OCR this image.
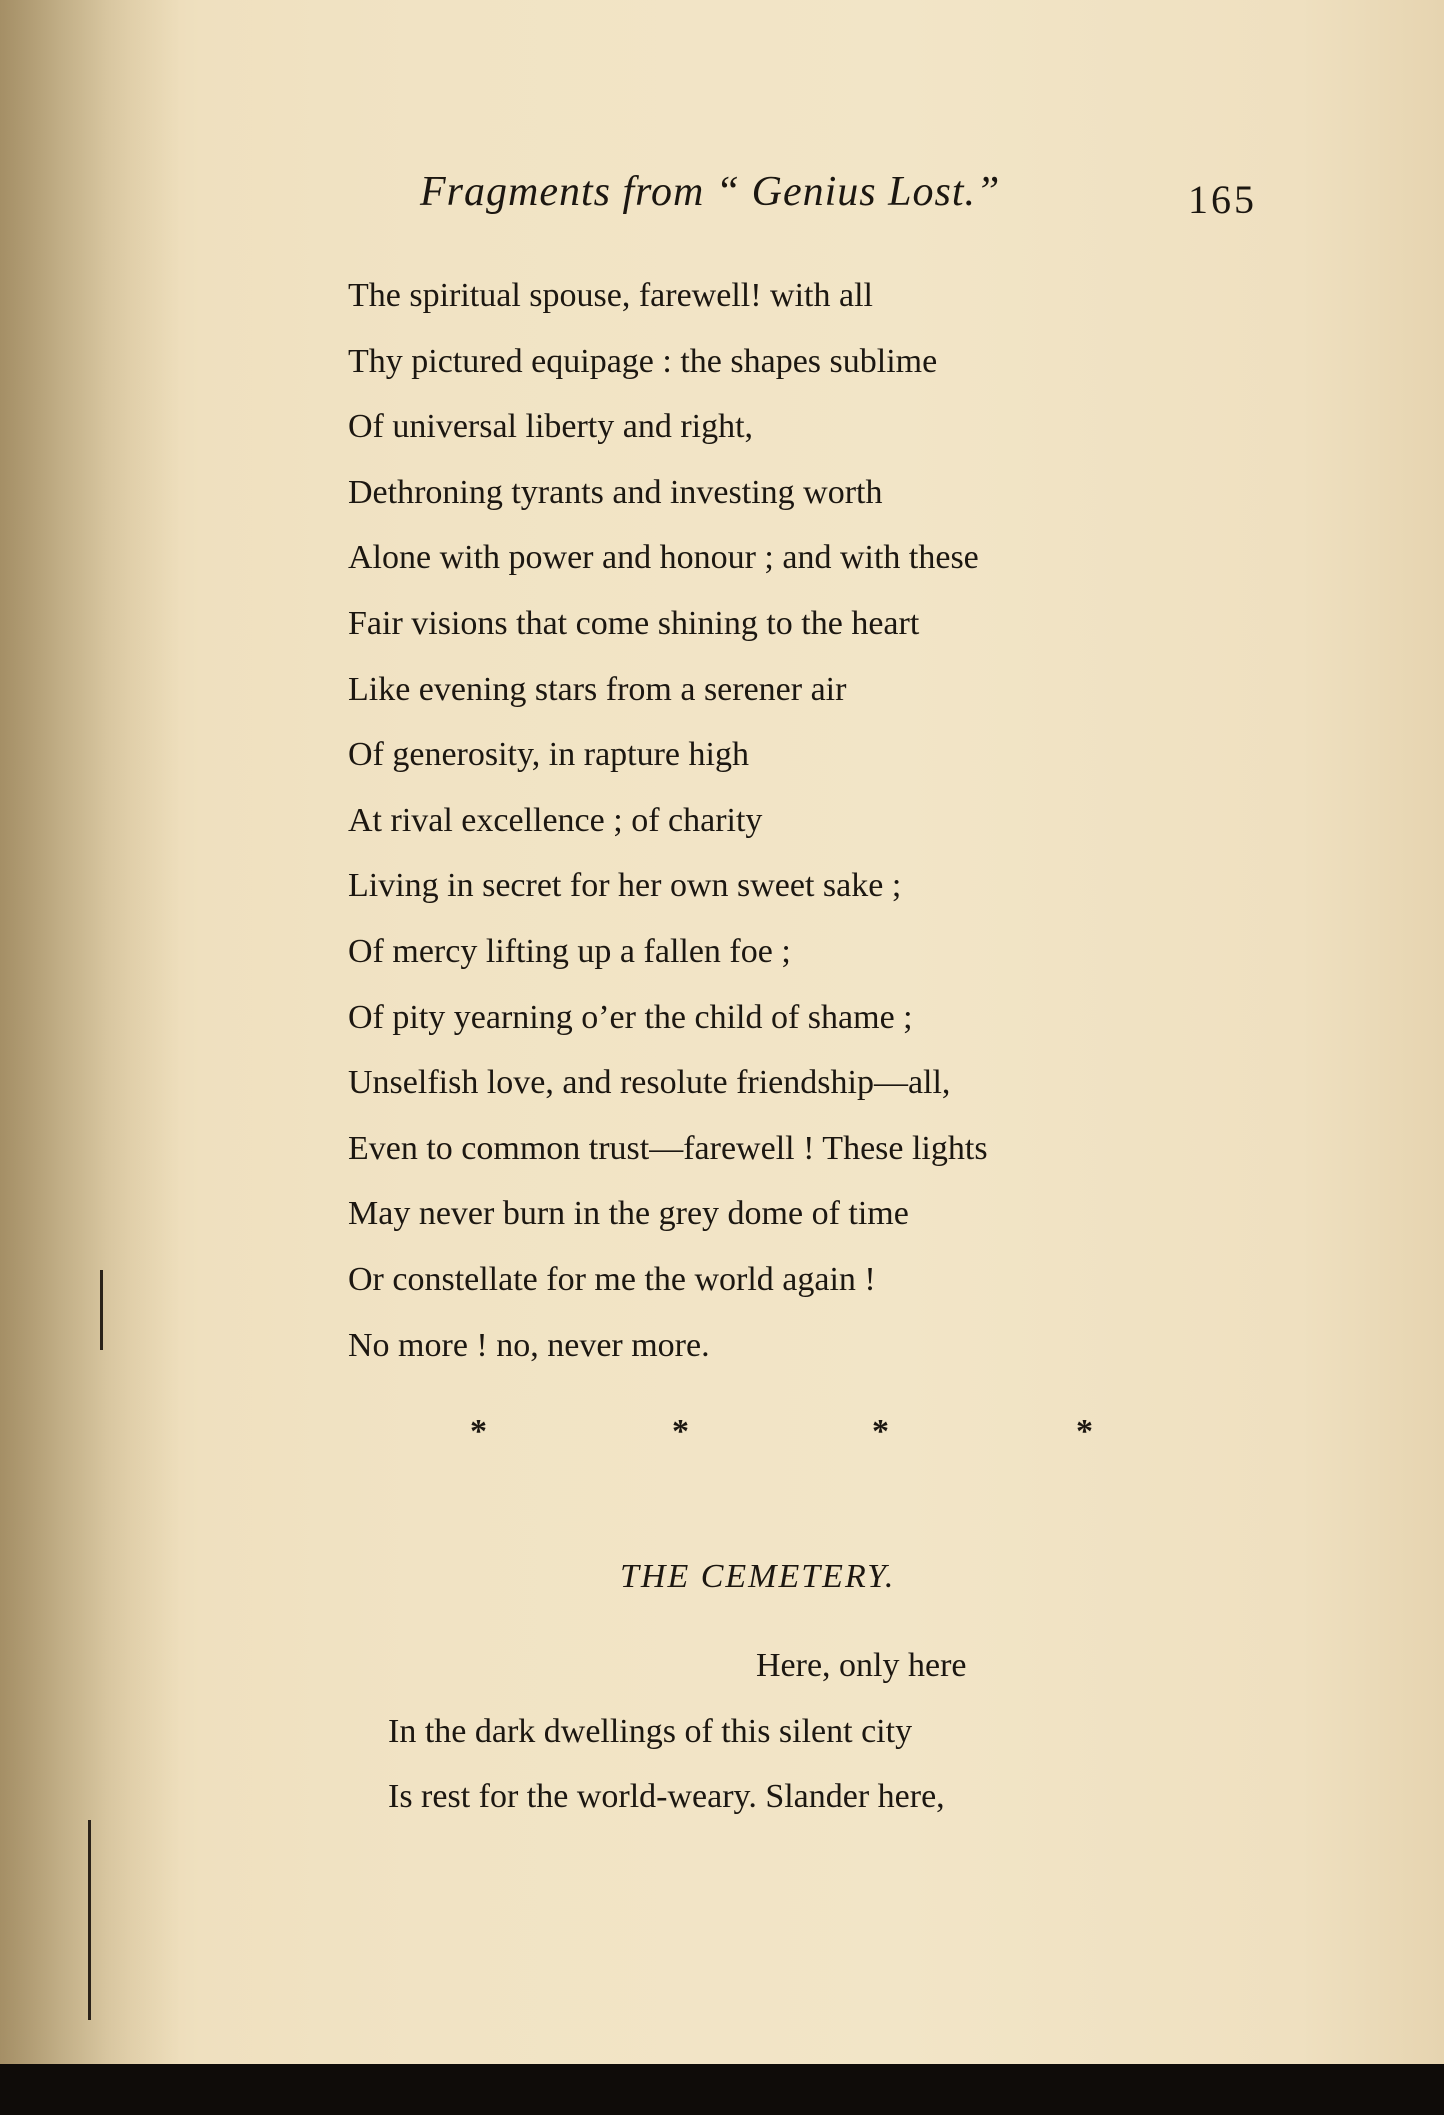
Fragments from “ Genius Lost.”	165
The spiritual spouse, farewell! with all
Thy pictured equipage : the shapes sublime
Of universal liberty and right,
Dethroning tyrants and investing worth
Alone with power and honour ; and with these
Fair visions that come shining to the heart
Like evening stars from a serener air
Of generosity, in rapture high
At rival excellence ; of charity
Living in secret for her own sweet sake ;
Of mercy lifting up a fallen foe ;
Of pity yearning o’er the child of shame ;
Unselfish love, and resolute friendship—all,
Even to common trust—farewell ! These lights
May never burn in the grey dome of time
Or constellate for me the world again !
No more ! no, never more.
*	*	*	*
THE CEMETERY.
Here, only here
In the dark dwellings of this silent city
Is rest for the world-weary. Slander here,
